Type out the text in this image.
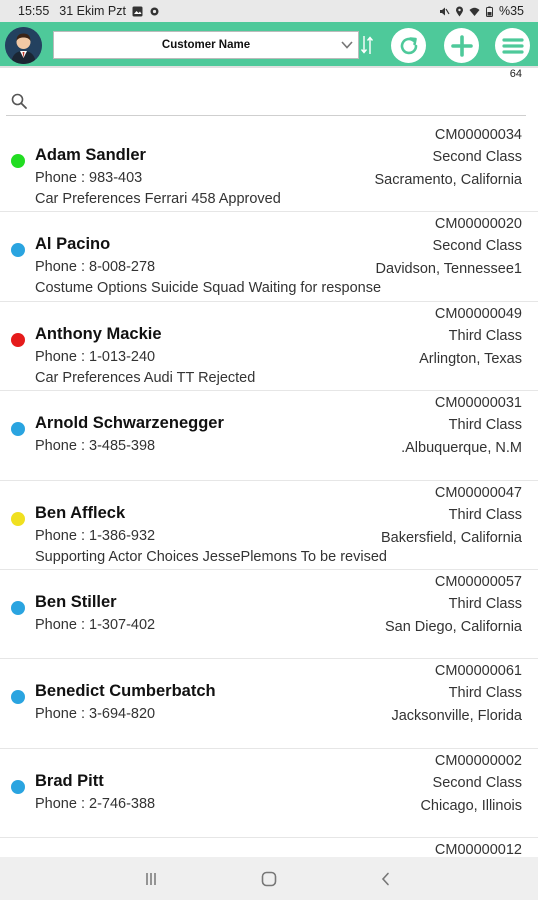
15:55 31 Ekim Pzt	%35
Customer Name
64
Adam Sandler
Phone : 983-403
Car Preferences Ferrari 458 Approved
CM00000034
Second Class
Sacramento, California
Al Pacino
Phone : 8-008-278
Costume Options Suicide Squad Waiting for response
CM00000020
Second Class
Davidson, Tennessee1
Anthony Mackie
Phone : 1-013-240
Car Preferences Audi TT Rejected
CM00000049
Third Class
Arlington, Texas
Arnold Schwarzenegger
Phone : 3-485-398
CM00000031
Third Class
Albuquerque, N.M.
Ben Affleck
Phone : 1-386-932
Supporting Actor Choices JessePlemons To be revised
CM00000047
Third Class
Bakersfield, California
Ben Stiller
Phone : 1-307-402
CM00000057
Third Class
San Diego, California
Benedict Cumberbatch
Phone : 3-694-820
CM00000061
Third Class
Jacksonville, Florida
Brad Pitt
Phone : 2-746-388
CM00000002
Second Class
Chicago, Illinois
CM00000012
